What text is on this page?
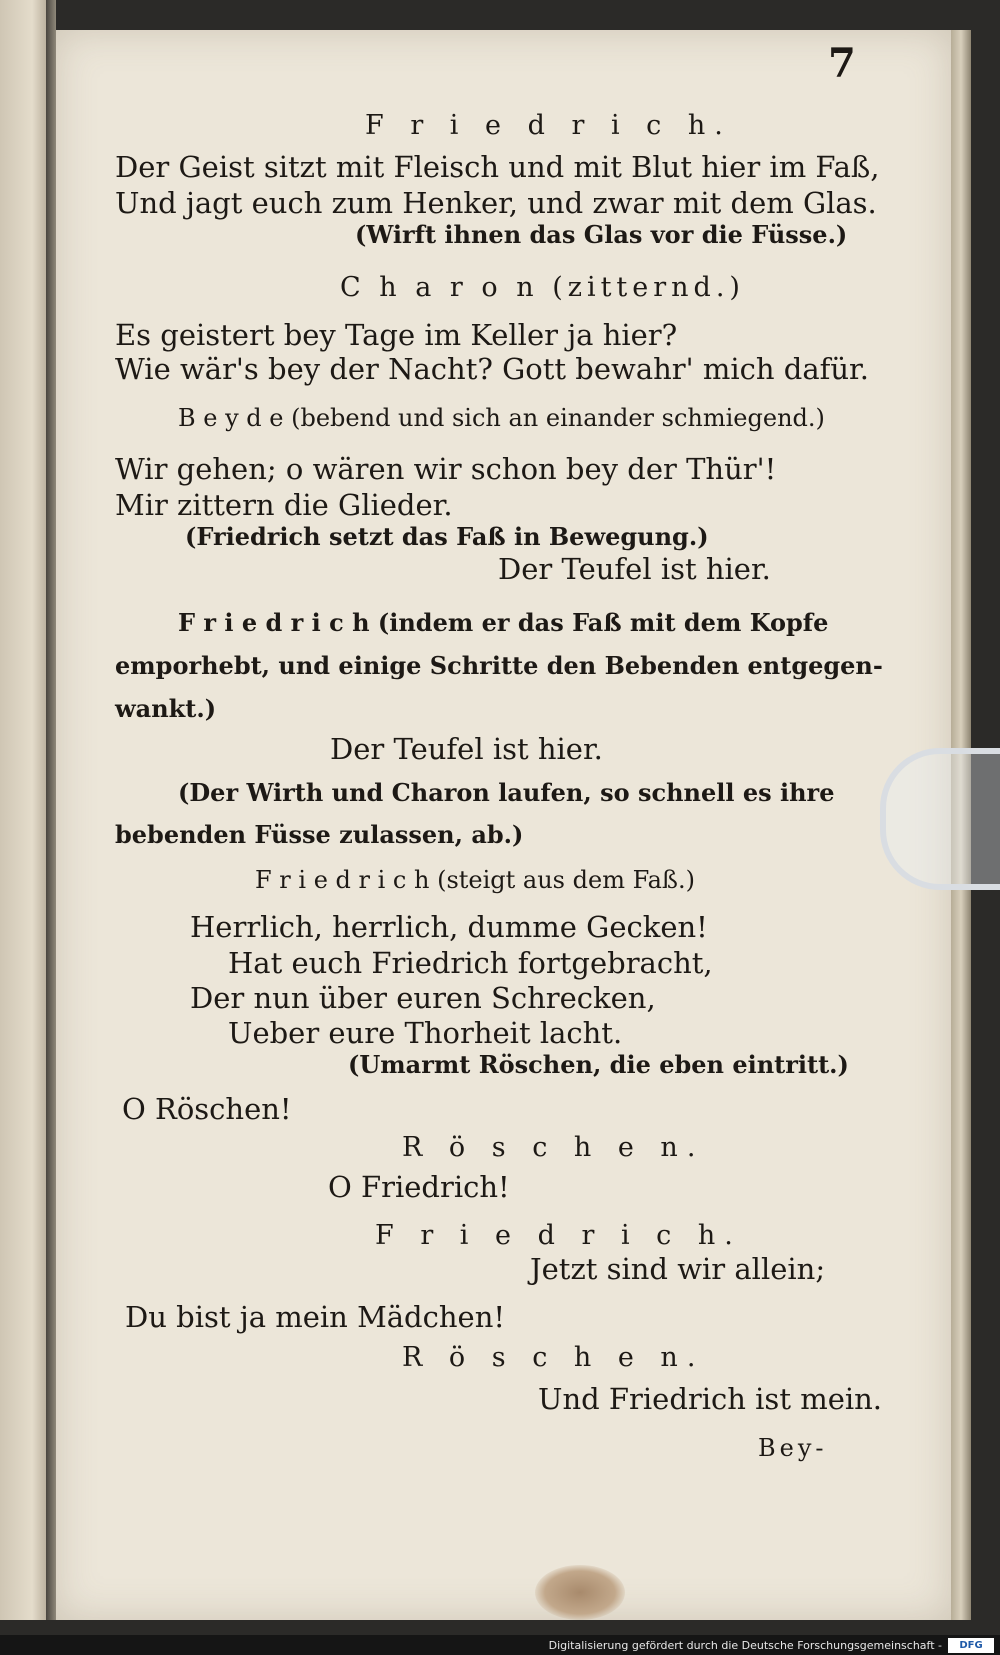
7
F r i e d r i c h.
Der Geist sitzt mit Fleisch und mit Blut hier im Faß,
Und jagt euch zum Henker, und zwar mit dem Glas.
(Wirft ihnen das Glas vor die Füsse.)
C h a r o n (zitternd.)
Es geistert bey Tage im Keller ja hier?
Wie wär's bey der Nacht? Gott bewahr' mich dafür.
B e y d e (bebend und sich an einander schmiegend.)
Wir gehen; o wären wir schon bey der Thür'!
Mir zittern die Glieder.
(Friedrich setzt das Faß in Bewegung.)
Der Teufel ist hier.
F r i e d r i c h (indem er das Faß mit dem Kopfe
emporhebt, und einige Schritte den Bebenden entgegen-
wankt.)
Der Teufel ist hier.
(Der Wirth und Charon laufen, so schnell es ihre
bebenden Füsse zulassen, ab.)
F r i e d r i c h (steigt aus dem Faß.)
Herrlich, herrlich, dumme Gecken!
Hat euch Friedrich fortgebracht,
Der nun über euren Schrecken,
Ueber eure Thorheit lacht.
(Umarmt Röschen, die eben eintritt.)
O Röschen!
R ö s c h e n.
O Friedrich!
F r i e d r i c h.
Jetzt sind wir allein;
Du bist ja mein Mädchen!
R ö s c h e n.
Und Friedrich ist mein.
Bey-
Digitalisierung gefördert durch die Deutsche Forschungsgemeinschaft -	DFG
